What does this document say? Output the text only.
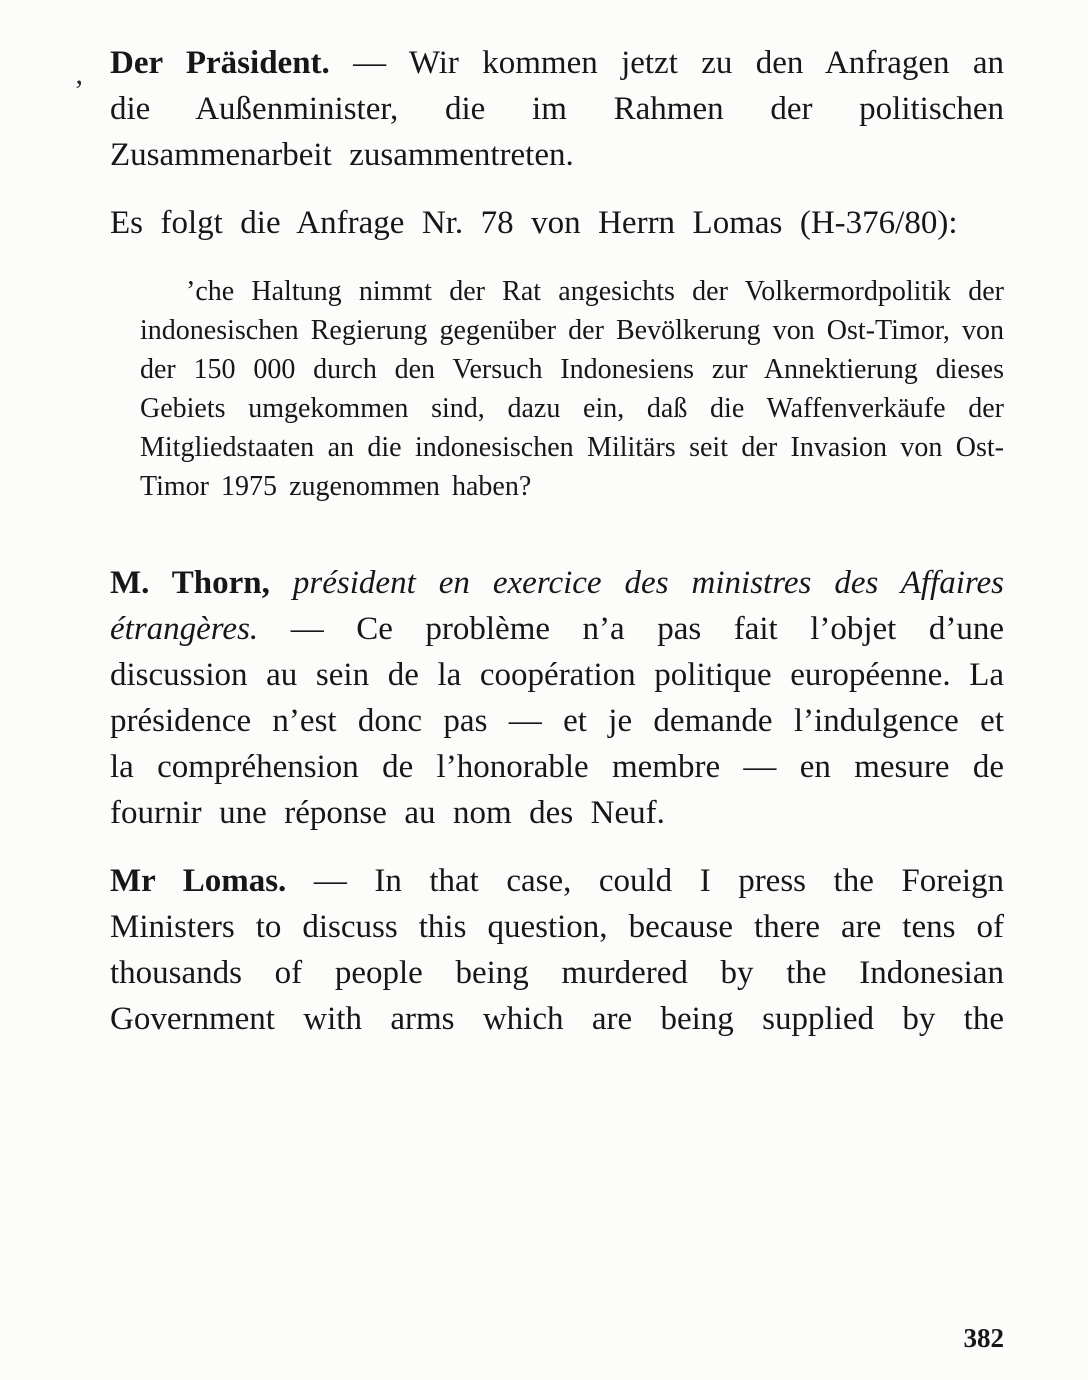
’

Der Präsident. — Wir kommen jetzt zu den Anfragen an die Außenminister, die im Rahmen der politischen Zusammenarbeit zusammentreten.

Es folgt die Anfrage Nr. 78 von Herrn Lomas (H-376/80):

’che Haltung nimmt der Rat angesichts der Volkermordpolitik der indonesischen Regierung gegenüber der Bevölkerung von Ost-Timor, von der 150 000 durch den Versuch Indonesiens zur Annektierung dieses Gebiets umgekommen sind, dazu ein, daß die Waffenverkäufe der Mitgliedstaaten an die indonesischen Militärs seit der Invasion von Ost-Timor 1975 zugenommen haben?

M. Thorn, président en exercice des ministres des Affaires étrangères. — Ce problème n’a pas fait l’objet d’une discussion au sein de la coopération politique européenne. La présidence n’est donc pas — et je demande l’indulgence et la compréhension de l’honorable membre — en mesure de fournir une réponse au nom des Neuf.

Mr Lomas. — In that case, could I press the Foreign Ministers to discuss this question, because there are tens of thousands of people being murdered by the Indonesian Government with arms which are being supplied by the

382
